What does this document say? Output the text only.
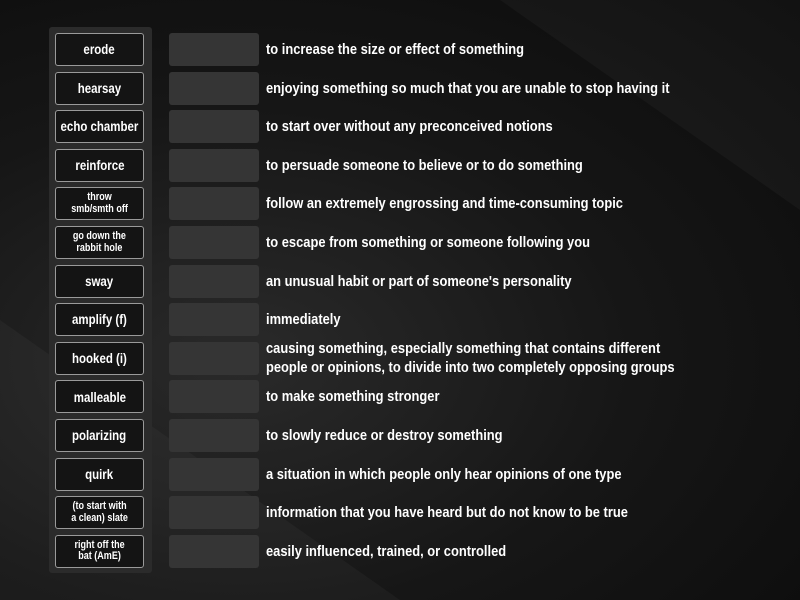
erode
hearsay
echo chamber
reinforce
throw
smb/smth off
go down the
rabbit hole
sway
amplify (f)
hooked (i)
malleable
polarizing
quirk
(to start with
a clean) slate
right off the
bat (AmE)
to increase the size or effect of something
enjoying something so much that you are unable to stop having it
to start over without any preconceived notions
to persuade someone to believe or to do something
follow an extremely engrossing and time-consuming topic
to escape from something or someone following you
an unusual habit or part of someone's personality
immediately
causing something, especially something that contains different
people or opinions, to divide into two completely opposing groups
to make something stronger
to slowly reduce or destroy something
a situation in which people only hear opinions of one type
information that you have heard but do not know to be true
easily influenced, trained, or controlled
